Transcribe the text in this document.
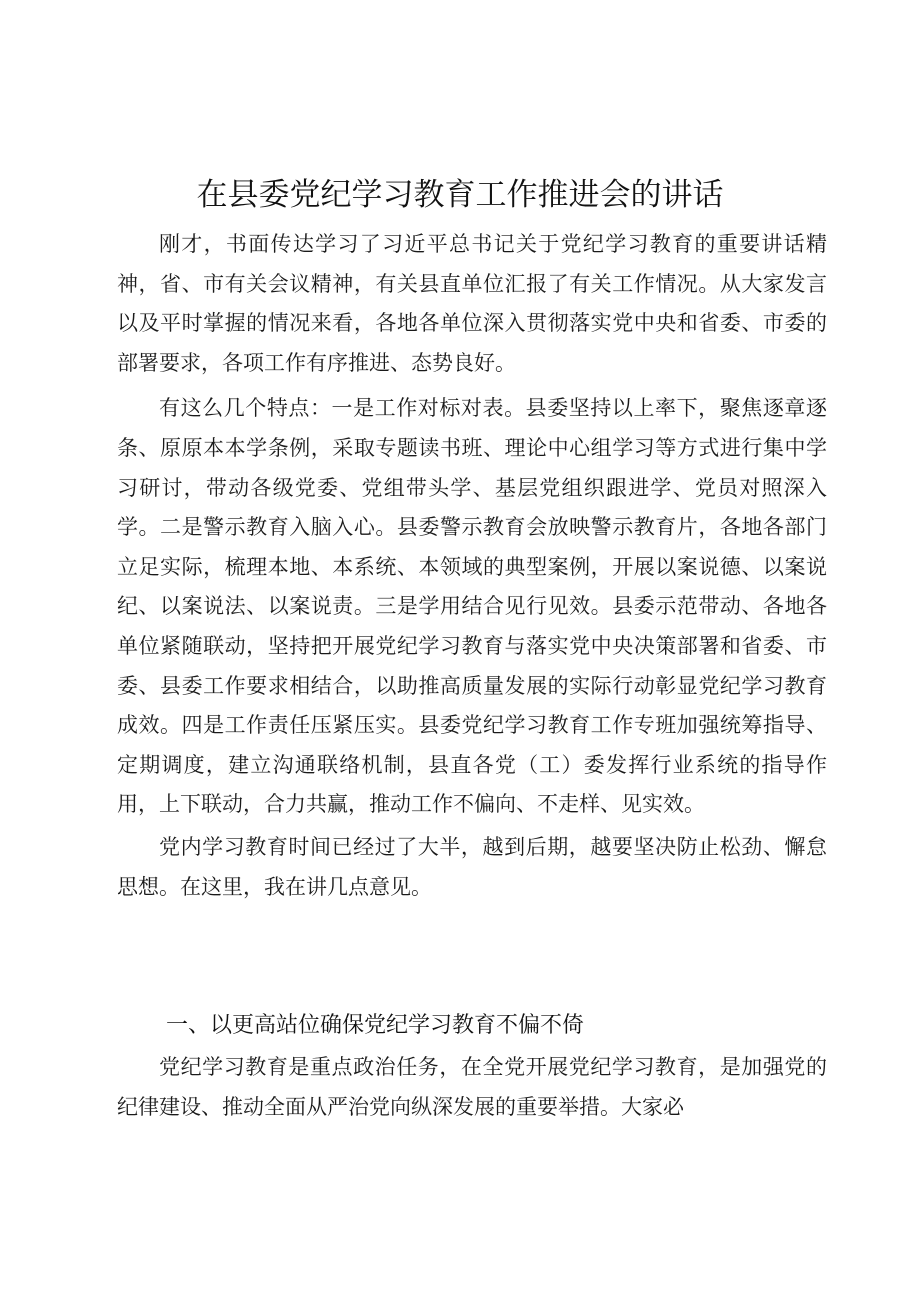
在县委党纪学习教育工作推进会的讲话

刚才，书面传达学习了习近平总书记关于党纪学习教育的重要讲话精神，省、市有关会议精神，有关县直单位汇报了有关工作情况。从大家发言以及平时掌握的情况来看，各地各单位深入贯彻落实党中央和省委、市委的部署要求，各项工作有序推进、态势良好。

有这么几个特点：一是工作对标对表。县委坚持以上率下，聚焦逐章逐条、原原本本学条例，采取专题读书班、理论中心组学习等方式进行集中学习研讨，带动各级党委、党组带头学、基层党组织跟进学、党员对照深入学。二是警示教育入脑入心。县委警示教育会放映警示教育片，各地各部门立足实际，梳理本地、本系统、本领域的典型案例，开展以案说德、以案说纪、以案说法、以案说责。三是学用结合见行见效。县委示范带动、各地各单位紧随联动，坚持把开展党纪学习教育与落实党中央决策部署和省委、市委、县委工作要求相结合，以助推高质量发展的实际行动彰显党纪学习教育成效。四是工作责任压紧压实。县委党纪学习教育工作专班加强统筹指导、定期调度，建立沟通联络机制，县直各党（工）委发挥行业系统的指导作用，上下联动，合力共赢，推动工作不偏向、不走样、见实效。

党内学习教育时间已经过了大半，越到后期，越要坚决防止松劲、懈怠思想。在这里，我在讲几点意见。

一、以更高站位确保党纪学习教育不偏不倚

党纪学习教育是重点政治任务，在全党开展党纪学习教育，是加强党的纪律建设、推动全面从严治党向纵深发展的重要举措。大家必
